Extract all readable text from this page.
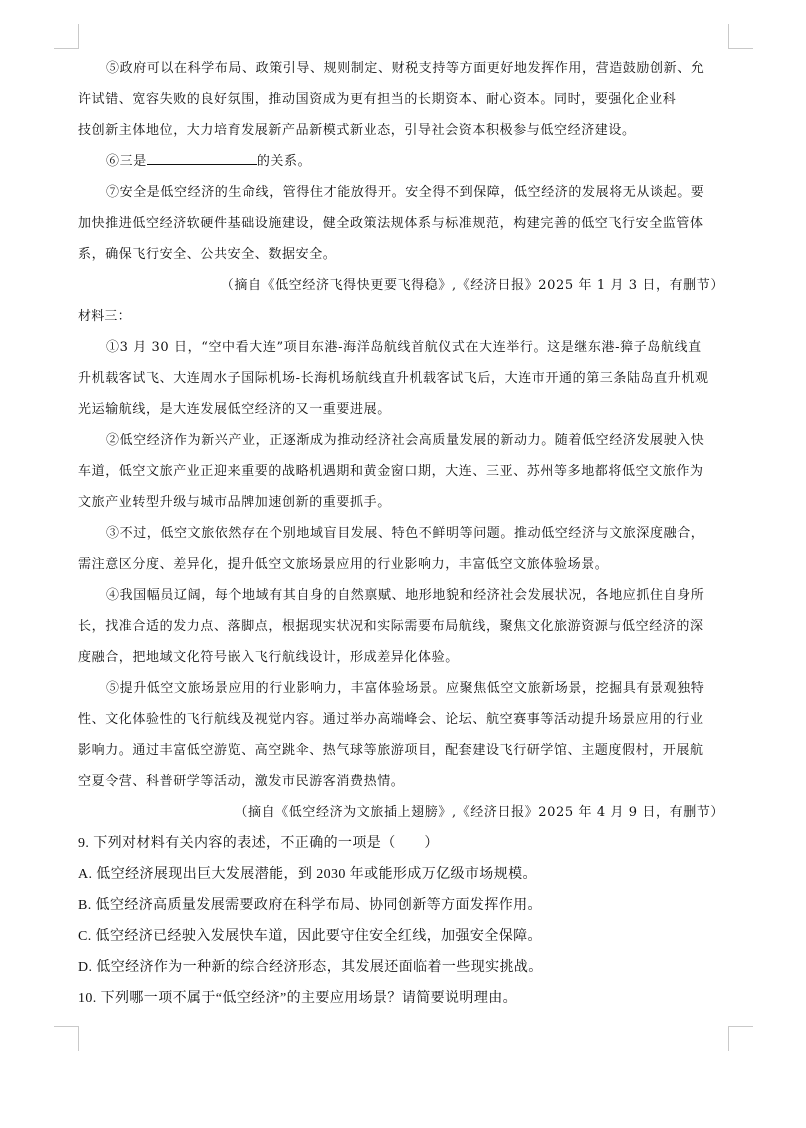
⑤政府可以在科学布局、政策引导、规则制定、财税支持等方面更好地发挥作用，营造鼓励创新、允
许试错、宽容失败的良好氛围，推动国资成为更有担当的长期资本、耐心资本。同时，要强化企业科
技创新主体地位，大力培育发展新产品新模式新业态，引导社会资本积极参与低空经济建设。
⑥三是	的关系。
⑦安全是低空经济的生命线，管得住才能放得开。安全得不到保障，低空经济的发展将无从谈起。要
加快推进低空经济软硬件基础设施建设，健全政策法规体系与标准规范，构建完善的低空飞行安全监管体
系，确保飞行安全、公共安全、数据安全。
（摘自《低空经济飞得快更要飞得稳》,《经济日报》2025 年 1 月 3 日，有删节）
材料三：
①3 月 30 日，“空中看大连”项目东港-海洋岛航线首航仪式在大连举行。这是继东港-獐子岛航线直
升机载客试飞、大连周水子国际机场-长海机场航线直升机载客试飞后，大连市开通的第三条陆岛直升机观
光运输航线，是大连发展低空经济的又一重要进展。
②低空经济作为新兴产业，正逐渐成为推动经济社会高质量发展的新动力。随着低空经济发展驶入快
车道，低空文旅产业正迎来重要的战略机遇期和黄金窗口期，大连、三亚、苏州等多地都将低空文旅作为
文旅产业转型升级与城市品牌加速创新的重要抓手。
③不过，低空文旅依然存在个别地域盲目发展、特色不鲜明等问题。推动低空经济与文旅深度融合，
需注意区分度、差异化，提升低空文旅场景应用的行业影响力，丰富低空文旅体验场景。
④我国幅员辽阔，每个地域有其自身的自然禀赋、地形地貌和经济社会发展状况，各地应抓住自身所
长，找准合适的发力点、落脚点，根据现实状况和实际需要布局航线，聚焦文化旅游资源与低空经济的深
度融合，把地域文化符号嵌入飞行航线设计，形成差异化体验。
⑤提升低空文旅场景应用的行业影响力，丰富体验场景。应聚焦低空文旅新场景，挖掘具有景观独特
性、文化体验性的飞行航线及视觉内容。通过举办高端峰会、论坛、航空赛事等活动提升场景应用的行业
影响力。通过丰富低空游览、高空跳伞、热气球等旅游项目，配套建设飞行研学馆、主题度假村，开展航
空夏令营、科普研学等活动，激发市民游客消费热情。
（摘自《低空经济为文旅插上翅膀》,《经济日报》2025 年 4 月 9 日，有删节）
9. 下列对材料有关内容的表述，不正确的一项是（　　）
A. 低空经济展现出巨大发展潜能，到 2030 年或能形成万亿级市场规模。
B. 低空经济高质量发展需要政府在科学布局、协同创新等方面发挥作用。
C. 低空经济已经驶入发展快车道，因此要守住安全红线，加强安全保障。
D. 低空经济作为一种新的综合经济形态，其发展还面临着一些现实挑战。
10. 下列哪一项不属于“低空经济”的主要应用场景？请简要说明理由。
